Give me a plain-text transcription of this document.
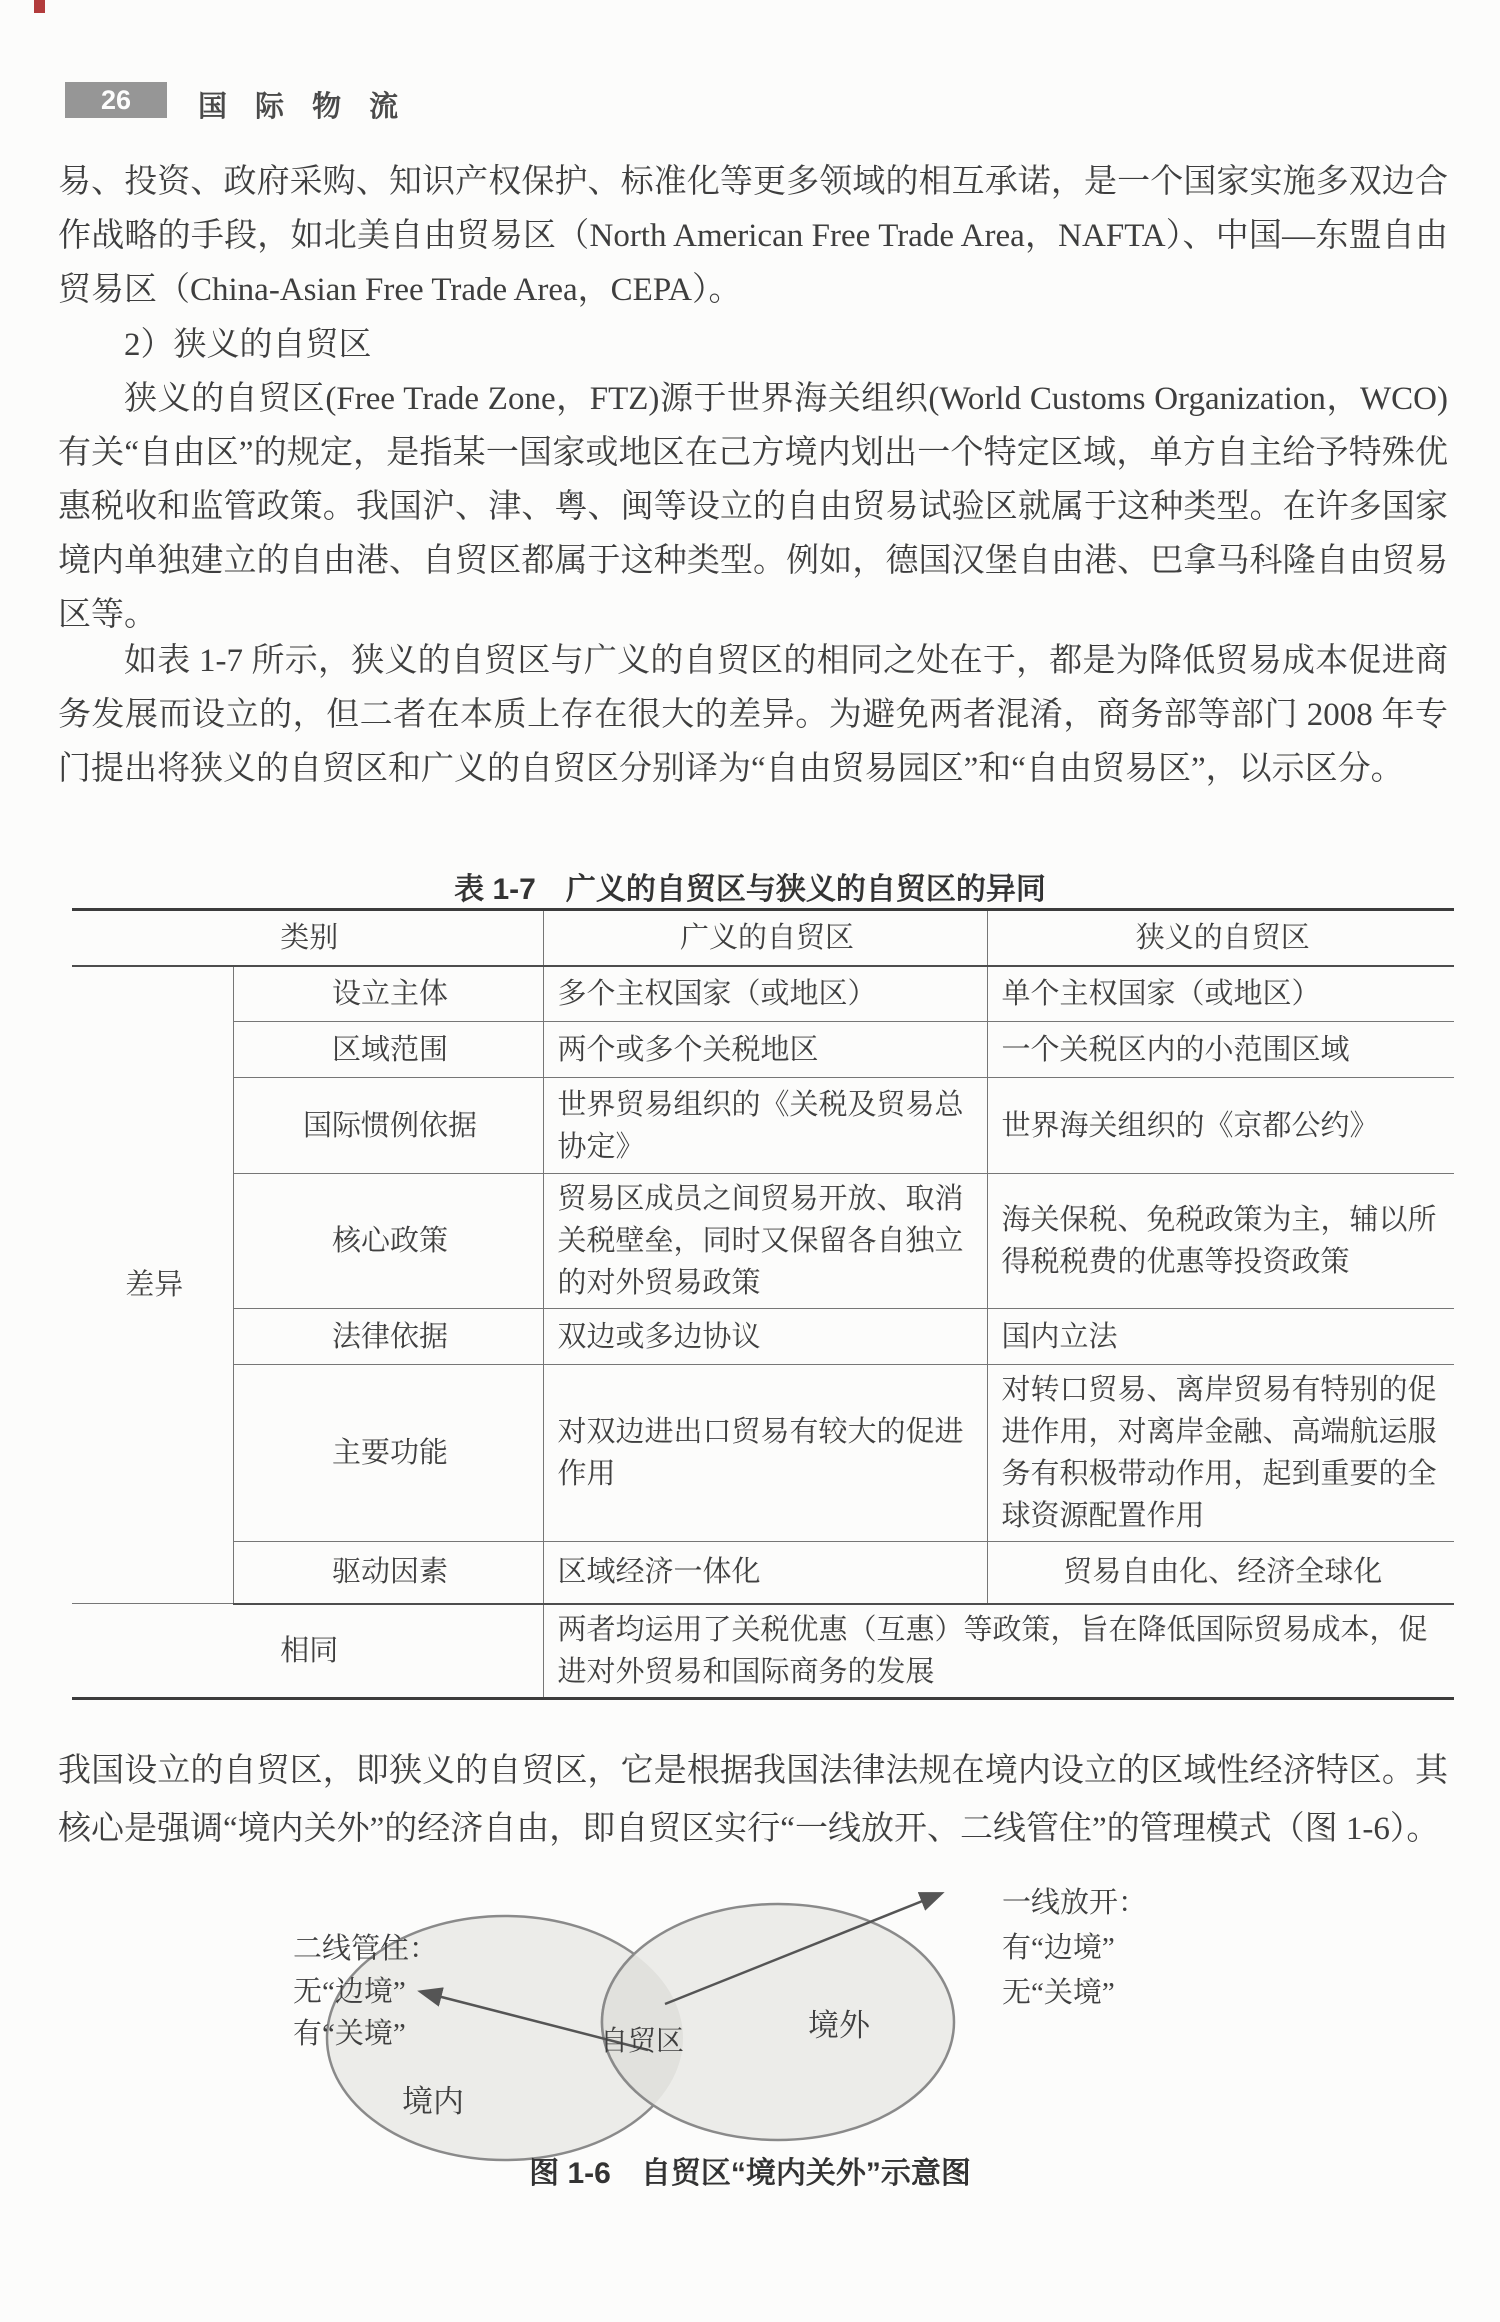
26	国 际 物 流
易、投资、政府采购、知识产权保护、标准化等更多领域的相互承诺，是一个国家实施多双边合作战略的手段，如北美自由贸易区（North American Free Trade Area，NAFTA）、中国—东盟自由贸易区（China-Asian Free Trade Area，CEPA）。
2）狭义的自贸区
狭义的自贸区(Free Trade Zone，FTZ)源于世界海关组织(World Customs Organization，WCO)有关“自由区”的规定，是指某一国家或地区在己方境内划出一个特定区域，单方自主给予特殊优惠税收和监管政策。我国沪、津、粤、闽等设立的自由贸易试验区就属于这种类型。在许多国家境内单独建立的自由港、自贸区都属于这种类型。例如，德国汉堡自由港、巴拿马科隆自由贸易区等。
如表 1-7 所示，狭义的自贸区与广义的自贸区的相同之处在于，都是为降低贸易成本促进商务发展而设立的，但二者在本质上存在很大的差异。为避免两者混淆，商务部等部门 2008 年专门提出将狭义的自贸区和广义的自贸区分别译为“自由贸易园区”和“自由贸易区”，以示区分。
表 1-7　广义的自贸区与狭义的自贸区的异同
类别		广义的自贸区	狭义的自贸区
差异	设立主体	多个主权国家（或地区）	单个主权国家（或地区）
	区域范围	两个或多个关税地区	一个关税区内的小范围区域
	国际惯例依据	世界贸易组织的《关税及贸易总协定》	世界海关组织的《京都公约》
	核心政策	贸易区成员之间贸易开放、取消关税壁垒，同时又保留各自独立的对外贸易政策	海关保税、免税政策为主，辅以所得税税费的优惠等投资政策
	法律依据	双边或多边协议	国内立法
	主要功能	对双边进出口贸易有较大的促进作用	对转口贸易、离岸贸易有特别的促进作用，对离岸金融、高端航运服务有积极带动作用，起到重要的全球资源配置作用
	驱动因素	区域经济一体化	贸易自由化、经济全球化
相同		两者均运用了关税优惠（互惠）等政策，旨在降低国际贸易成本，促进对外贸易和国际商务的发展	
我国设立的自贸区，即狭义的自贸区，它是根据我国法律法规在境内设立的区域性经济特区。其核心是强调“境内关外”的经济自由，即自贸区实行“一线放开、二线管住”的管理模式（图 1-6）。
境内
自贸区	境外
二线管住：
无“边境”
有“关境”
一线放开：
有“边境”
无“关境”
图 1-6　自贸区“境内关外”示意图
